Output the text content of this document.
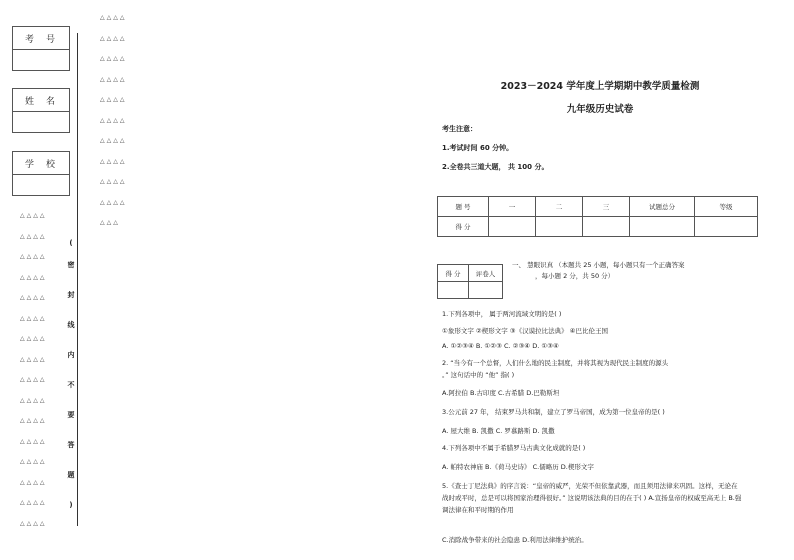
考号
姓名
学校
△△△△
△△△△
△△△△
△△△△
△△△△
△△△△
△△△△
△△△△
△△△△
△△△△
△△△
△△△△
△△△△
△△△△
△△△△
△△△△
△△△△
△△△△
△△△△
△△△△
△△△△
△△△△
△△△△
△△△△
△△△△
△△△△
△△△△
(
密
封
线
内
不
要
答
题
)
2023－2024 学年度上学期期中教学质量检测
九年级历史试卷
考生注意：
1.考试时间 60 分钟。
2.全卷共三道大题， 共 100 分。
题 号	一	二	三	试题总分	等级
得 分					
得 分	评卷人

一、 慧眼识真 （本题共 25 小题，每小题只有一个正确答案
，每小题 2 分，共 50 分）
1.下列各项中， 属于两河流域文明的是( )
①象形文字 ②楔形文字 ③《汉谟拉比法典》 ④巴比伦王国
A. ①②③④ B. ①②③ C. ②③④ D. ①③④
2. “当今有一个总督，人们什么地的民主制度，并将其视为现代民主制度的源头
。” 这句话中的 “他” 指( )
A.阿拉伯 B.古印度 C.古希腊 D.巴勒斯坦
3.公元前 27 年， 结束罗马共和制，建立了罗马帝国，成为第一位皇帝的是( )
A. 屋大维 B. 凯撒 C. 罗慕路斯 D. 凯撒
4.下列各项中不属于希腊罗马古典文化成就的是( )
A. 帕特农神庙 B.《荷马史诗》 C.儒略历 D.楔形文字
5.《查士丁尼法典》的序言说：“皇帝的威严，光荣不但依靠武器，而且须用法律来巩固。这样，无论在战时或平时，总是可以将国家治理得很好。” 这说明该法典的目的在于( ) A.宣扬皇帝的权威至高无上 B.强调法律在和平时期的作用
C.消除战争带来的社会隐患 D.利用法律维护统治。
